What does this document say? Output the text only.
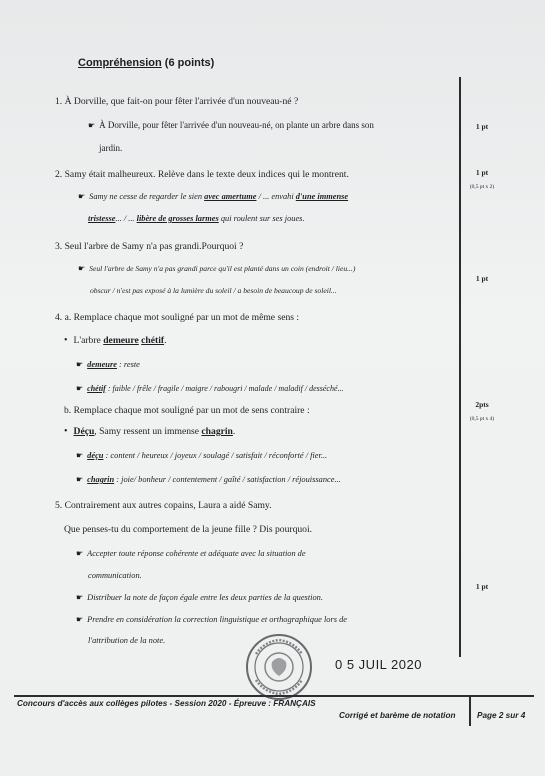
Compréhension (6 points)
1. À Dorville, que fait-on pour fêter l'arrivée d'un nouveau-né ?
☛ À Dorville, pour fêter l'arrivée d'un nouveau-né, on plante un arbre dans son
jardin.
1 pt
2. Samy était malheureux. Relève dans le texte deux indices qui le montrent.
☛ Samy ne cesse de regarder le sien avec amertume / ... envahi d'une immense
tristesse... / ... libère de grosses larmes qui roulent sur ses joues.
1 pt
(0,5 pt x 2)
3. Seul l'arbre de Samy n'a pas grandi.Pourquoi ?
☛ Seul l'arbre de Samy n'a pas grandi parce qu'il est planté dans un coin (endroit / lieu...)
obscur / n'est pas exposé à la lumière du soleil / a besoin de beaucoup de soleil...
1 pt
4. a. Remplace chaque mot souligné par un mot de même sens :
• L'arbre demeure chétif.
☛ demeure : reste
☛ chétif : faible / frêle / fragile / maigre / rabougri / malade / maladif / desséché...
b. Remplace chaque mot souligné par un mot de sens contraire :
• Déçu, Samy ressent un immense chagrin.
☛ déçu : content / heureux / joyeux / soulagé / satisfait / réconforté / fier...
☛ chagrin : joie/ bonheur / contentement / gaîté / satisfaction / réjouissance...
2pts
(0,5 pt x 4)
5. Contrairement aux autres copains, Laura a aidé Samy.
Que penses-tu du comportement de la jeune fille ? Dis pourquoi.
☛ Accepter toute réponse cohérente et adéquate avec la situation de
communication.
☛ Distribuer la note de façon égale entre les deux parties de la question.
☛ Prendre en considération la correction linguistique et orthographique lors de
l'attribution de la note.
1 pt
0 5 JUIL 2020
Concours d'accès aux collèges pilotes - Session 2020 - Épreuve : FRANÇAIS
Corrigé et barème de notation	Page 2 sur 4
